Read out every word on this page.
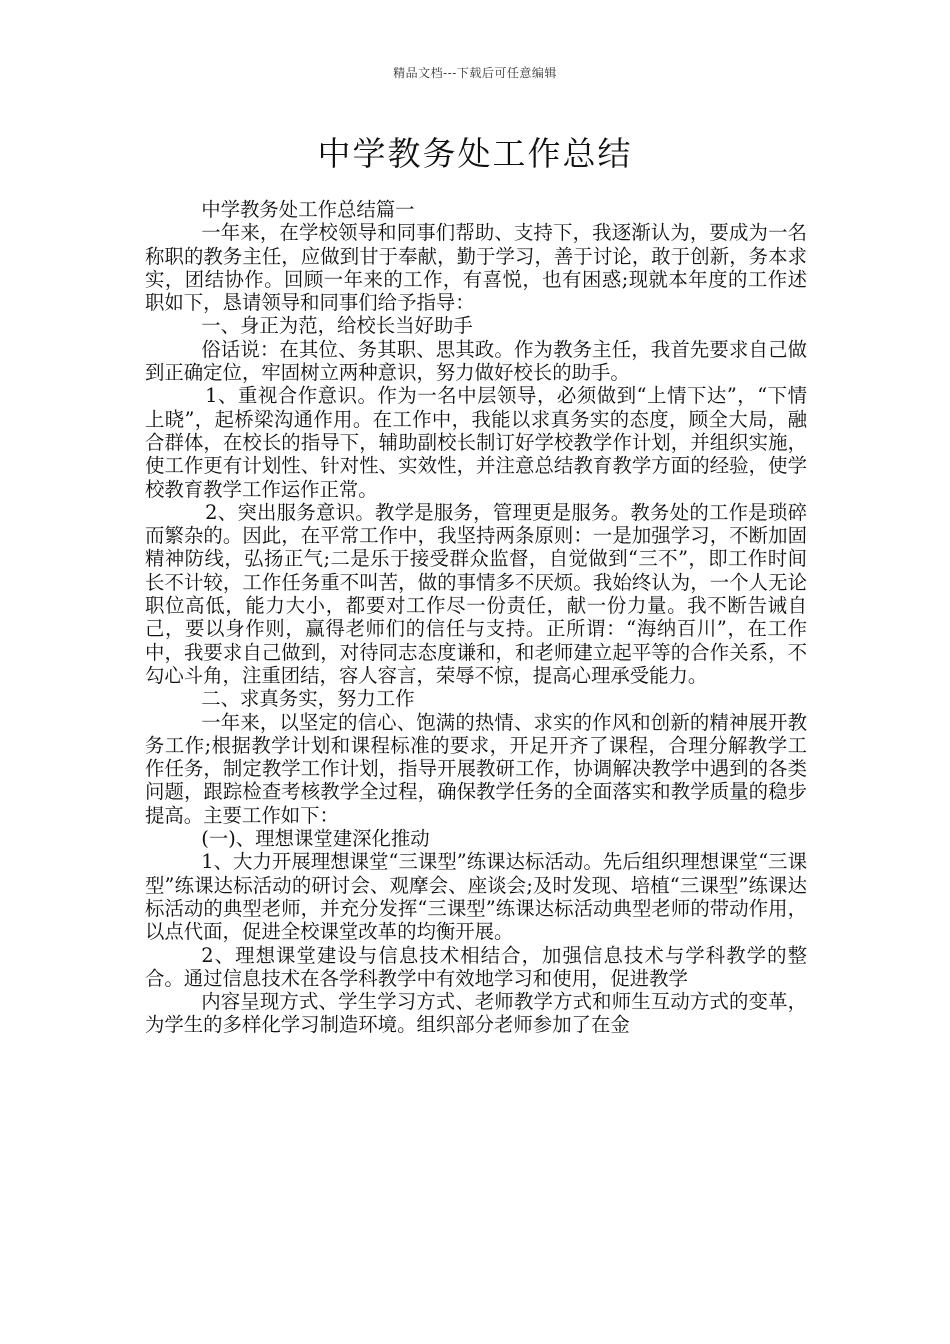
精品文档---下载后可任意编辑
中学教务处工作总结

中学教务处工作总结篇一

一年来，在学校领导和同事们帮助、支持下，我逐渐认为，要成为一名称职的教务主任，应做到甘于奉献，勤于学习，善于讨论，敢于创新，务本求实，团结协作。回顾一年来的工作，有喜悦，也有困惑;现就本年度的工作述职如下，恳请领导和同事们给予指导：

一、身正为范，给校长当好助手

俗话说：在其位、务其职、思其政。作为教务主任，我首先要求自己做到正确定位，牢固树立两种意识，努力做好校长的助手。

1、重视合作意识。作为一名中层领导，必须做到“上情下达”，“下情上晓”，起桥梁沟通作用。在工作中，我能以求真务实的态度，顾全大局，融合群体，在校长的指导下，辅助副校长制订好学校教学作计划，并组织实施，使工作更有计划性、针对性、实效性，并注意总结教育教学方面的经验，使学校教育教学工作运作正常。

2、突出服务意识。教学是服务，管理更是服务。教务处的工作是琐碎而繁杂的。因此，在平常工作中，我坚持两条原则：一是加强学习，不断加固精神防线，弘扬正气;二是乐于接受群众监督，自觉做到“三不”，即工作时间长不计较，工作任务重不叫苦，做的事情多不厌烦。我始终认为，一个人无论职位高低，能力大小，都要对工作尽一份责任，献一份力量。我不断告诫自己，要以身作则，赢得老师们的信任与支持。正所谓：“海纳百川”，在工作中，我要求自己做到，对待同志态度谦和，和老师建立起平等的合作关系，不勾心斗角，注重团结，容人容言，荣辱不惊，提高心理承受能力。

二、求真务实，努力工作

一年来，以坚定的信心、饱满的热情、求实的作风和创新的精神展开教务工作;根据教学计划和课程标准的要求，开足开齐了课程，合理分解教学工作任务，制定教学工作计划，指导开展教研工作，协调解决教学中遇到的各类问题，跟踪检查考核教学全过程，确保教学任务的全面落实和教学质量的稳步提高。主要工作如下：

(一)、理想课堂建深化推动

1、大力开展理想课堂“三课型”练课达标活动。先后组织理想课堂“三课型”练课达标活动的研讨会、观摩会、座谈会;及时发现、培植“三课型”练课达标活动的典型老师，并充分发挥“三课型”练课达标活动典型老师的带动作用，以点代面，促进全校课堂改革的均衡开展。

2、理想课堂建设与信息技术相结合，加强信息技术与学科教学的整合。通过信息技术在各学科教学中有效地学习和使用，促进教学

内容呈现方式、学生学习方式、老师教学方式和师生互动方式的变革，为学生的多样化学习制造环境。组织部分老师参加了在金
